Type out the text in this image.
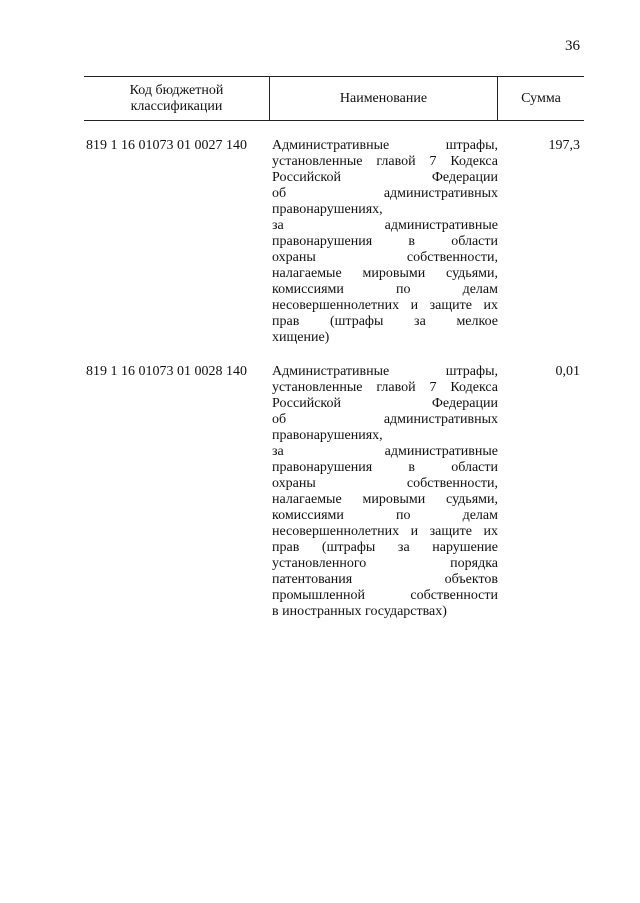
36
Код бюджетной
классификации
Наименование	Сумма
819 1 16 01073 01 0027 140 Административные штрафы,
установленные главой 7 Кодекса
Российской Федерации
об административных
правонарушениях,
за административные
правонарушения в области
охраны собственности,
налагаемые мировыми судьями,
комиссиями по делам
несовершеннолетних и защите их
прав (штрафы за мелкое
хищение)
197,3
819 1 16 01073 01 0028 140 Административные штрафы,
установленные главой 7 Кодекса
Российской Федерации
об административных
правонарушениях,
за административные
правонарушения в области
охраны собственности,
налагаемые мировыми судьями,
комиссиями по делам
несовершеннолетних и защите их
прав (штрафы за нарушение
установленного порядка
патентования объектов
промышленной собственности
в иностранных государствах)
0,01
